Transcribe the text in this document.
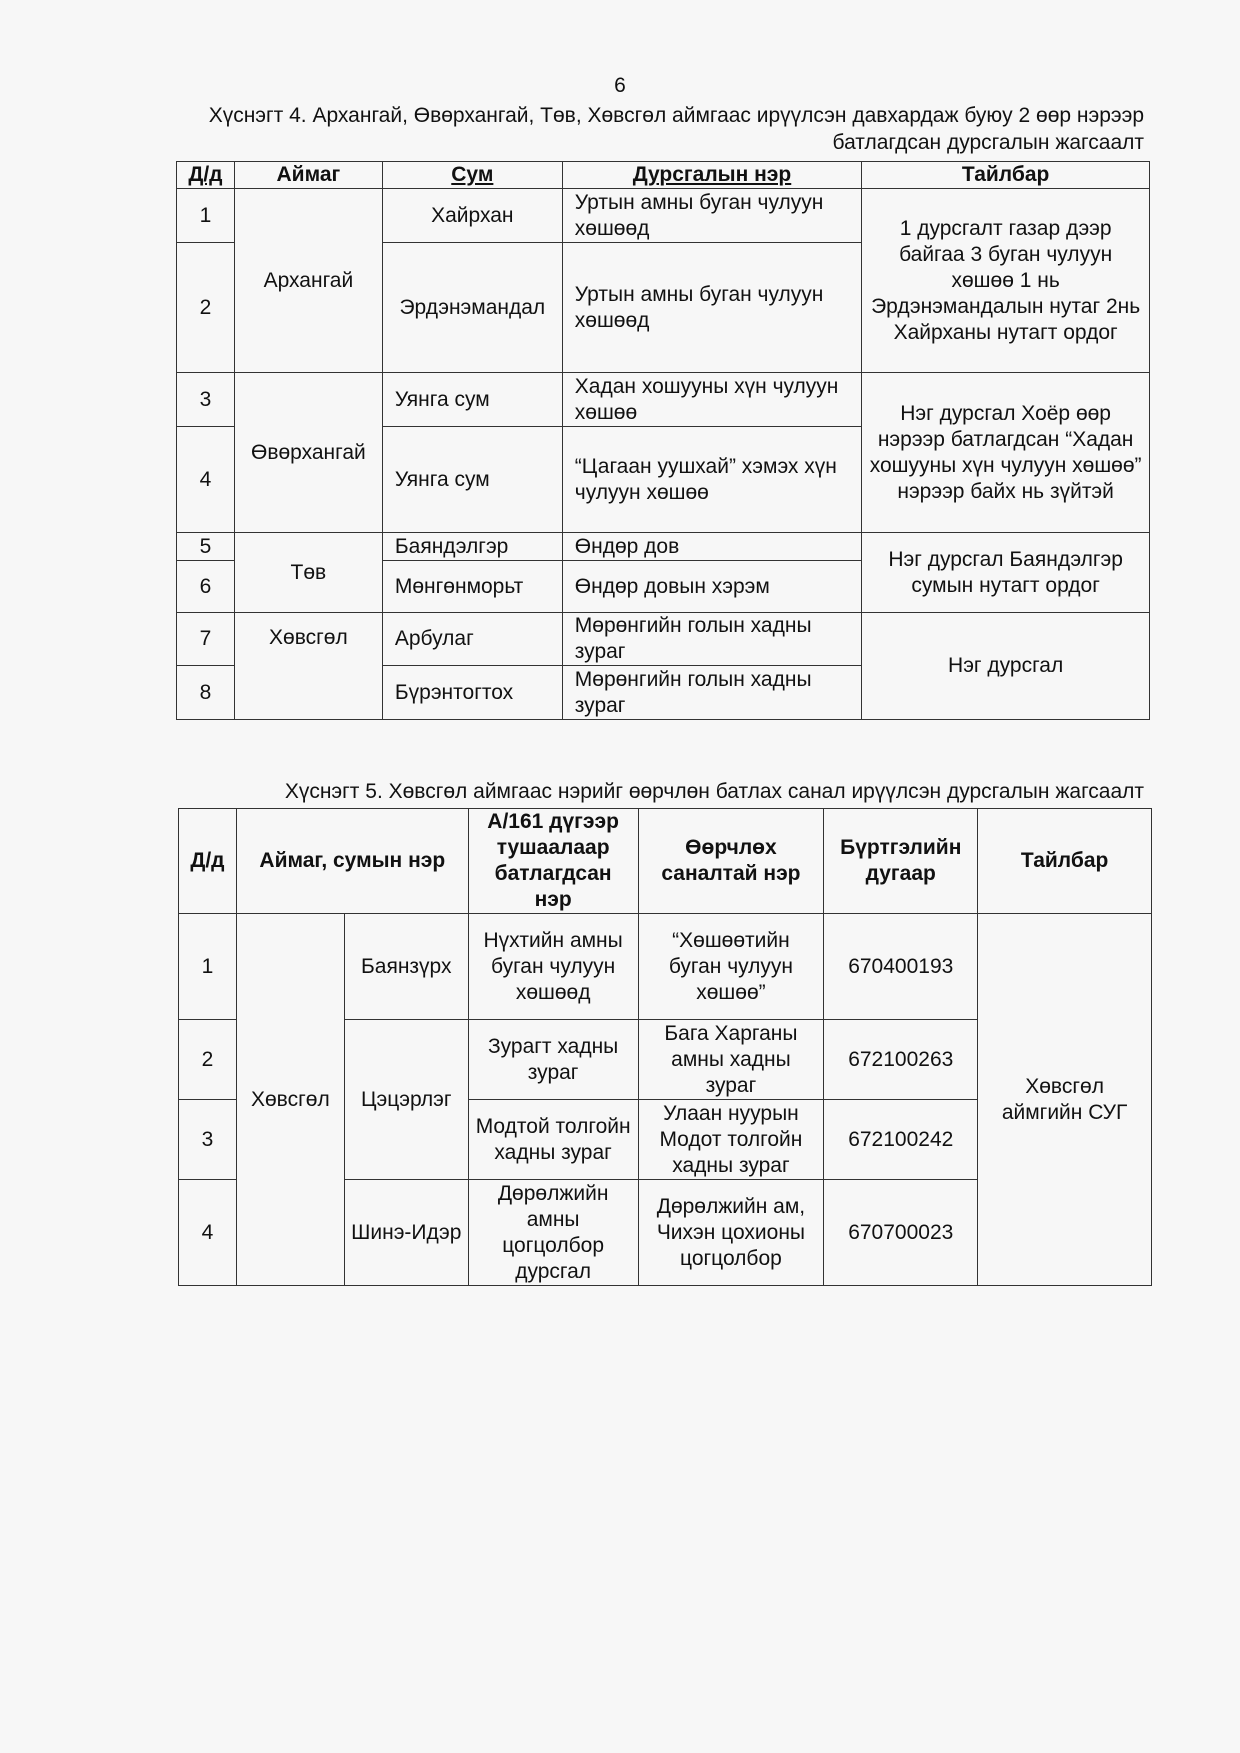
6
Хүснэгт 4. Архангай, Өвөрхангай, Төв, Хөвсгөл аймгаас ирүүлсэн давхардаж буюу 2 өөр нэрээр батлагдсан дурсгалын жагсаалт
Д/д	Аймаг	Сум	Дурсгалын нэр	Тайлбар
1	Архангай	Хайрхан	Уртын амны буган чулуун хөшөөд	1 дурсгалт газар дээр байгаа 3 буган чулуун хөшөө 1 нь Эрдэнэмандалын нутаг 2нь Хайрханы нутагт ордог
2		Эрдэнэмандал	Уртын амны буган чулуун хөшөөд	
3	Өвөрхангай	Уянга сум	Хадан хошууны хүн чулуун хөшөө	Нэг дурсгал Хоёр өөр нэрээр батлагдсан “Хадан хошууны хүн чулуун хөшөө” нэрээр байх нь зүйтэй
4		Уянга сум	“Цагаан уушхай” хэмэх хүн чулуун хөшөө	
5	Төв	Баяндэлгэр	Өндөр дов	Нэг дурсгал Баяндэлгэр сумын нутагт ордог
6		Мөнгөнморьт	Өндөр довын хэрэм	
7	Хөвсгөл	Арбулаг	Мөрөнгийн голын хадны зураг	Нэг дурсгал
8		Бүрэнтогтох	Мөрөнгийн голын хадны зураг	
Хүснэгт 5. Хөвсгөл аймгаас нэрийг өөрчлөн батлах санал ирүүлсэн дурсгалын жагсаалт
Д/д	Аймаг, сумын нэр		А/161 дүгээр тушаалаар батлагдсан нэр	Өөрчлөх саналтай нэр	Бүртгэлийн дугаар	Тайлбар
1	Хөвсгөл	Баянзүрх	Нүхтийн амны буган чулуун хөшөөд	“Хөшөөтийн буган чулуун хөшөө”	670400193	Хөвсгөл аймгийн СУГ
2		Цэцэрлэг	Зурагт хадны зураг	Бага Харганы амны хадны зураг	672100263	
3			Модтой толгойн хадны зураг	Улаан нуурын Модот толгойн хадны зураг	672100242	
4		Шинэ-Идэр	Дөрөлжийн амны цогцолбор дурсгал	Дөрөлжийн ам, Чихэн цохионы цогцолбор	670700023	
